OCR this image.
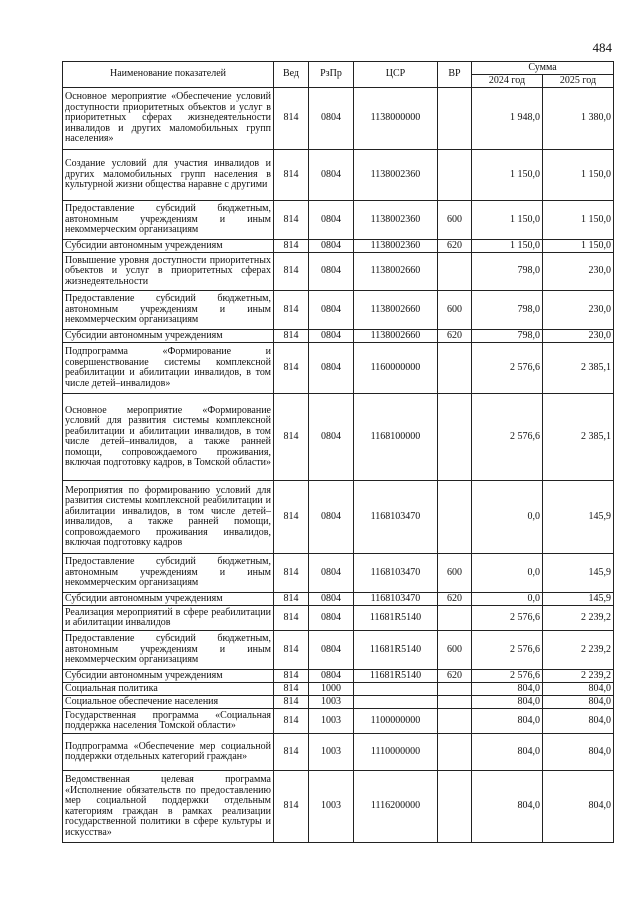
484
Наименование показателей	Вед	РзПр	ЦСР	ВР	Сумма	
					2024 год	2025 год
Основное мероприятие «Обеспечение условий доступности приоритетных объектов и услуг в приоритетных сферах жизнедеятельности инвалидов и других маломобильных групп населения»	814	0804	1138000000		1 948,0	1 380,0
Создание условий для участия инвалидов и других маломобильных групп населения в культурной жизни общества наравне с другими	814	0804	1138002360		1 150,0	1 150,0
Предоставление субсидий бюджетным, автономным учреждениям и иным некоммерческим организациям	814	0804	1138002360	600	1 150,0	1 150,0
Субсидии автономным учреждениям	814	0804	1138002360	620	1 150,0	1 150,0
Повышение уровня доступности приоритетных объектов и услуг в приоритетных сферах жизнедеятельности	814	0804	1138002660		798,0	230,0
Предоставление субсидий бюджетным, автономным учреждениям и иным некоммерческим организациям	814	0804	1138002660	600	798,0	230,0
Субсидии автономным учреждениям	814	0804	1138002660	620	798,0	230,0
Подпрограмма «Формирование и совершенствование системы комплексной реабилитации и абилитации инвалидов, в том числе детей–инвалидов»	814	0804	1160000000		2 576,6	2 385,1
Основное мероприятие «Формирование условий для развития системы комплексной реабилитации и абилитации инвалидов, в том числе детей–инвалидов, а также ранней помощи, сопровождаемого проживания, включая подготовку кадров, в Томской области»	814	0804	1168100000		2 576,6	2 385,1
Мероприятия по формированию условий для развития системы комплексной реабилитации и абилитации инвалидов, в том числе детей–инвалидов, а также ранней помощи, сопровождаемого проживания инвалидов, включая подготовку кадров	814	0804	1168103470		0,0	145,9
Предоставление субсидий бюджетным, автономным учреждениям и иным некоммерческим организациям	814	0804	1168103470	600	0,0	145,9
Субсидии автономным учреждениям	814	0804	1168103470	620	0,0	145,9
Реализация мероприятий в сфере реабилитации и абилитации инвалидов	814	0804	11681R5140		2 576,6	2 239,2
Предоставление субсидий бюджетным, автономным учреждениям и иным некоммерческим организациям	814	0804	11681R5140	600	2 576,6	2 239,2
Субсидии автономным учреждениям	814	0804	11681R5140	620	2 576,6	2 239,2
Социальная политика	814	1000			804,0	804,0
Социальное обеспечение населения	814	1003			804,0	804,0
Государственная программа «Социальная поддержка населения Томской области»	814	1003	1100000000		804,0	804,0
Подпрограмма «Обеспечение мер социальной поддержки отдельных категорий граждан»	814	1003	1110000000		804,0	804,0
Ведомственная целевая программа «Исполнение обязательств по предоставлению мер социальной поддержки отдельным категориям граждан в рамках реализации государственной политики в сфере культуры и искусства»	814	1003	1116200000		804,0	804,0
